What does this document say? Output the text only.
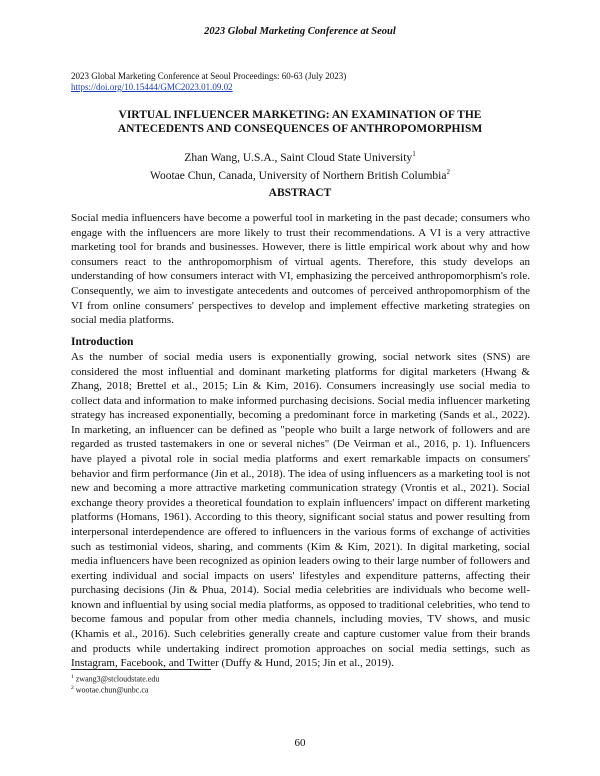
2023 Global Marketing Conference at Seoul
2023 Global Marketing Conference at Seoul Proceedings: 60-63 (July 2023)
https://doi.org/10.15444/GMC2023.01.09.02
VIRTUAL INFLUENCER MARKETING: AN EXAMINATION OF THE
ANTECEDENTS AND CONSEQUENCES OF ANTHROPOMORPHISM
Zhan Wang, U.S.A., Saint Cloud State University$^1$
Wootae Chun, Canada, University of Northern British Columbia$^2$
ABSTRACT

Social media influencers have become a powerful tool in marketing in the past decade; consumers who engage with the influencers are more likely to trust their recommendations. A VI is a very attractive marketing tool for brands and businesses. However, there is little empirical work about why and how consumers react to the anthropomorphism of virtual agents. Therefore, this study develops an understanding of how consumers interact with VI, emphasizing the perceived anthropomorphism's role. Consequently, we aim to investigate antecedents and outcomes of perceived anthropomorphism of the VI from online consumers' perspectives to develop and implement effective marketing strategies on social media platforms.

Introduction

As the number of social media users is exponentially growing, social network sites (SNS) are considered the most influential and dominant marketing platforms for digital marketers (Hwang & Zhang, 2018; Brettel et al., 2015; Lin & Kim, 2016). Consumers increasingly use social media to collect data and information to make informed purchasing decisions. Social media influencer marketing strategy has increased exponentially, becoming a predominant force in marketing (Sands et al., 2022). In marketing, an influencer can be defined as "people who built a large network of followers and are regarded as trusted tastemakers in one or several niches" (De Veirman et al., 2016, p. 1). Influencers have played a pivotal role in social media platforms and exert remarkable impacts on consumers' behavior and firm performance (Jin et al., 2018). The idea of using influencers as a marketing tool is not new and becoming a more attractive marketing communication strategy (Vrontis et al., 2021). Social exchange theory provides a theoretical foundation to explain influencers' impact on different marketing platforms (Homans, 1961). According to this theory, significant social status and power resulting from interpersonal interdependence are offered to influencers in the various forms of exchange of activities such as testimonial videos, sharing, and comments (Kim & Kim, 2021). In digital marketing, social media influencers have been recognized as opinion leaders owing to their large number of followers and exerting individual and social impacts on users' lifestyles and expenditure patterns, affecting their purchasing decisions (Jin & Phua, 2014). Social media celebrities are individuals who become well-known and influential by using social media platforms, as opposed to traditional celebrities, who tend to become famous and popular from other media channels, including movies, TV shows, and music (Khamis et al., 2016). Such celebrities generally create and capture customer value from their brands and products while undertaking indirect promotion approaches on social media settings, such as Instagram, Facebook, and Twitter (Duffy & Hund, 2015; Jin et al., 2019).

$^1$ zwang3@stcloudstate.edu
$^2$ wootae.chun@unbc.ca
60
